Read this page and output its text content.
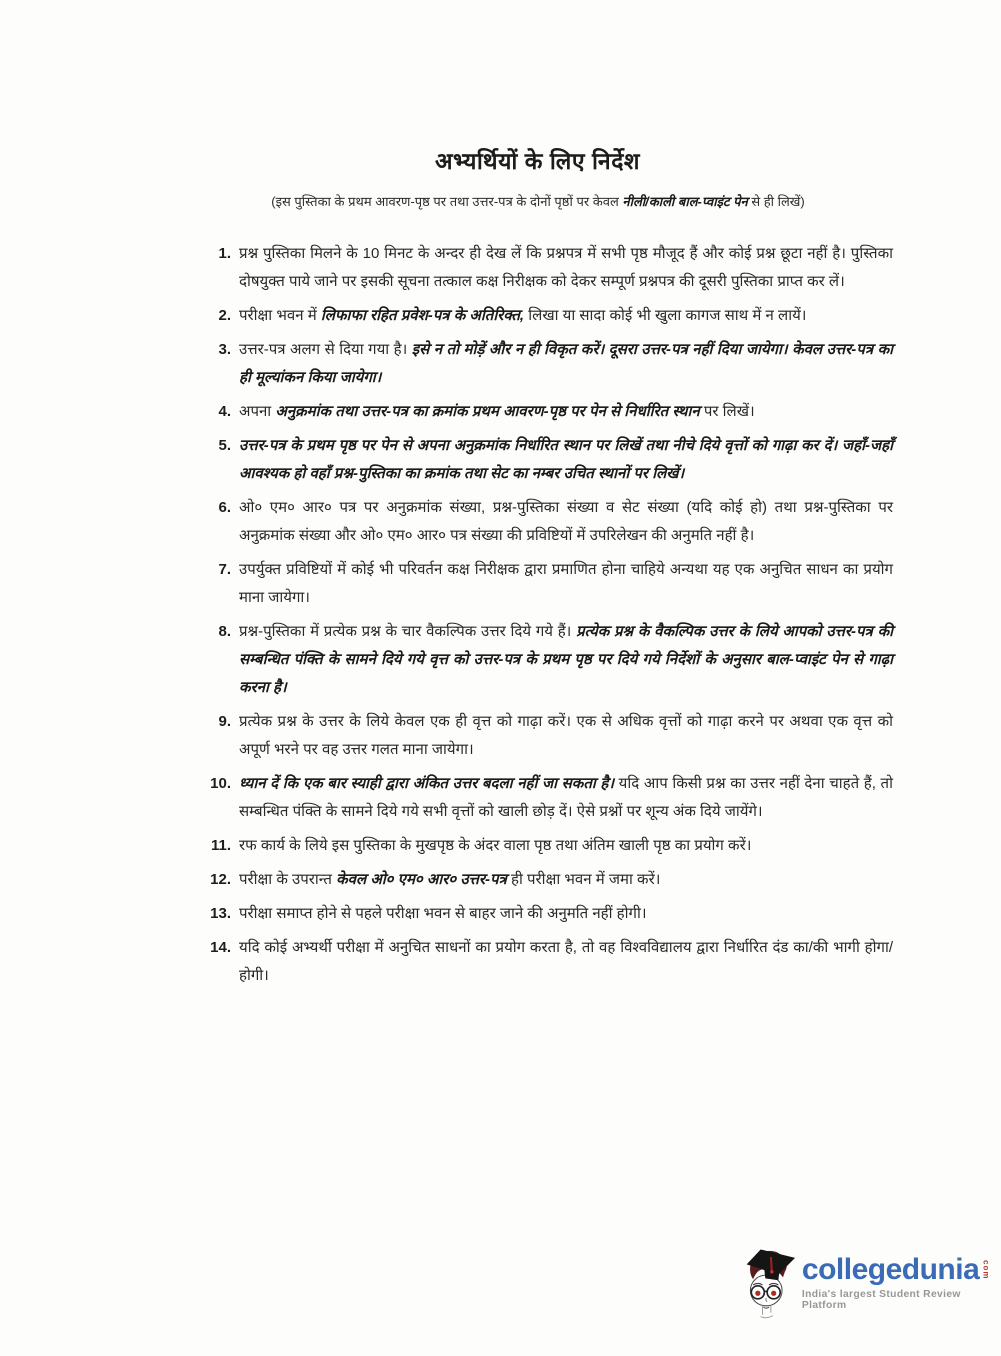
अभ्यर्थियों के लिए निर्देश

(इस पुस्तिका के प्रथम आवरण-पृष्ठ पर तथा उत्तर-पत्र के दोनों पृष्ठों पर केवल नीली/काली बाल-प्वाइंट पेन से ही लिखें)

1. प्रश्न पुस्तिका मिलने के 10 मिनट के अन्दर ही देख लें कि प्रश्नपत्र में सभी पृष्ठ मौजूद हैं और कोई प्रश्न छूटा नहीं है। पुस्तिका दोषयुक्त पाये जाने पर इसकी सूचना तत्काल कक्ष निरीक्षक को देकर सम्पूर्ण प्रश्नपत्र की दूसरी पुस्तिका प्राप्त कर लें।
2. परीक्षा भवन में लिफाफा रहित प्रवेश-पत्र के अतिरिक्त, लिखा या सादा कोई भी खुला कागज साथ में न लायें।
3. उत्तर-पत्र अलग से दिया गया है। इसे न तो मोड़ें और न ही विकृत करें। दूसरा उत्तर-पत्र नहीं दिया जायेगा। केवल उत्तर-पत्र का ही मूल्यांकन किया जायेगा।
4. अपना अनुक्रमांक तथा उत्तर-पत्र का क्रमांक प्रथम आवरण-पृष्ठ पर पेन से निर्धारित स्थान पर लिखें।
5. उत्तर-पत्र के प्रथम पृष्ठ पर पेन से अपना अनुक्रमांक निर्धारित स्थान पर लिखें तथा नीचे दिये वृत्तों को गाढ़ा कर दें। जहाँ-जहाँ आवश्यक हो वहाँ प्रश्न-पुस्तिका का क्रमांक तथा सेट का नम्बर उचित स्थानों पर लिखें।
6. ओ० एम० आर० पत्र पर अनुक्रमांक संख्या, प्रश्न-पुस्तिका संख्या व सेट संख्या (यदि कोई हो) तथा प्रश्न-पुस्तिका पर अनुक्रमांक संख्या और ओ० एम० आर० पत्र संख्या की प्रविष्टियों में उपरिलेखन की अनुमति नहीं है।
7. उपर्युक्त प्रविष्टियों में कोई भी परिवर्तन कक्ष निरीक्षक द्वारा प्रमाणित होना चाहिये अन्यथा यह एक अनुचित साधन का प्रयोग माना जायेगा।
8. प्रश्न-पुस्तिका में प्रत्येक प्रश्न के चार वैकल्पिक उत्तर दिये गये हैं। प्रत्येक प्रश्न के वैकल्पिक उत्तर के लिये आपको उत्तर-पत्र की सम्बन्धित पंक्ति के सामने दिये गये वृत्त को उत्तर-पत्र के प्रथम पृष्ठ पर दिये गये निर्देशों के अनुसार बाल-प्वाइंट पेन से गाढ़ा करना है।
9. प्रत्येक प्रश्न के उत्तर के लिये केवल एक ही वृत्त को गाढ़ा करें। एक से अधिक वृत्तों को गाढ़ा करने पर अथवा एक वृत्त को अपूर्ण भरने पर वह उत्तर गलत माना जायेगा।
10. ध्यान दें कि एक बार स्याही द्वारा अंकित उत्तर बदला नहीं जा सकता है। यदि आप किसी प्रश्न का उत्तर नहीं देना चाहते हैं, तो सम्बन्धित पंक्ति के सामने दिये गये सभी वृत्तों को खाली छोड़ दें। ऐसे प्रश्नों पर शून्य अंक दिये जायेंगे।
11. रफ कार्य के लिये इस पुस्तिका के मुखपृष्ठ के अंदर वाला पृष्ठ तथा अंतिम खाली पृष्ठ का प्रयोग करें।
12. परीक्षा के उपरान्त केवल ओ० एम० आर० उत्तर-पत्र ही परीक्षा भवन में जमा करें।
13. परीक्षा समाप्त होने से पहले परीक्षा भवन से बाहर जाने की अनुमति नहीं होगी।
14. यदि कोई अभ्यर्थी परीक्षा में अनुचित साधनों का प्रयोग करता है, तो वह विश्वविद्यालय द्वारा निर्धारित दंड का/की भागी होगा/होगी।
collegedunia com
India's largest Student Review Platform
